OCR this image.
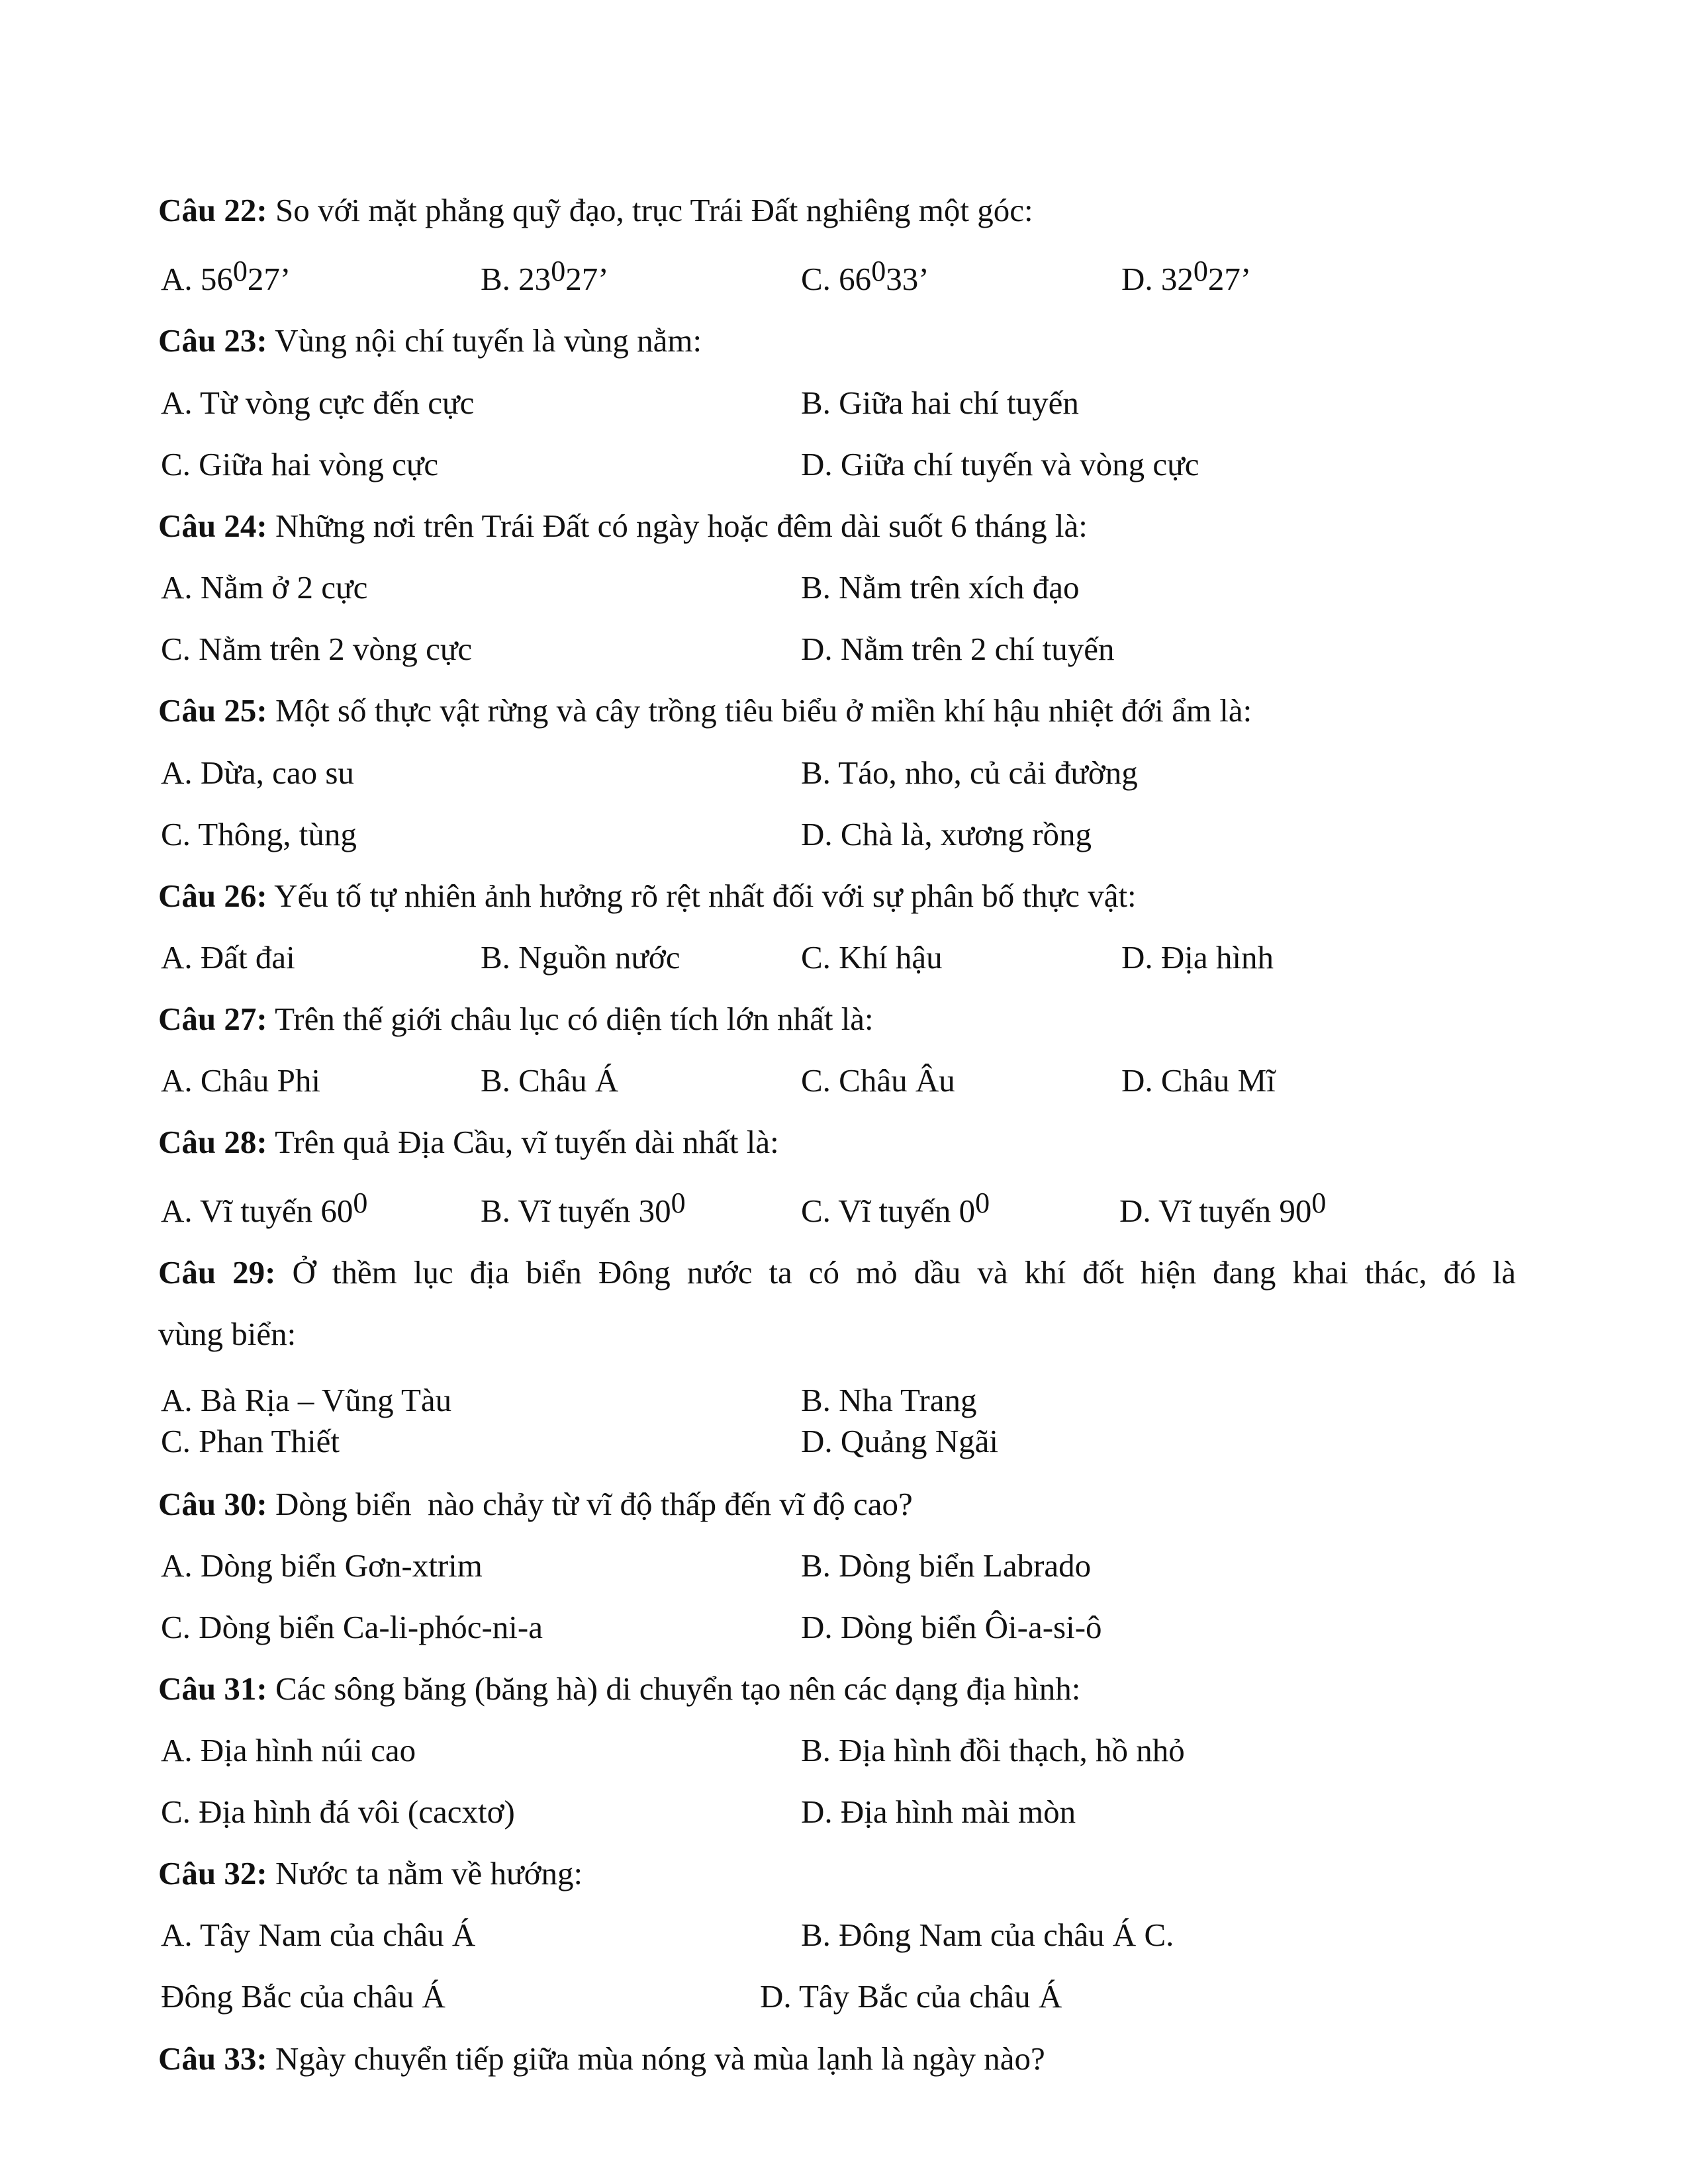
Câu 22: So với mặt phẳng quỹ đạo, trục Trái Đất nghiêng một góc:
A. 56027’	B. 23027’	C. 66033’	D. 32027’
Câu 23: Vùng nội chí tuyến là vùng nằm:
A. Từ vòng cực đến cực	B. Giữa hai chí tuyến
C. Giữa hai vòng cực	D. Giữa chí tuyến và vòng cực
Câu 24: Những nơi trên Trái Đất có ngày hoặc đêm dài suốt 6 tháng là:
A. Nằm ở 2 cực	B. Nằm trên xích đạo
C. Nằm trên 2 vòng cực	D. Nằm trên 2 chí tuyến
Câu 25: Một số thực vật rừng và cây trồng tiêu biểu ở miền khí hậu nhiệt đới ẩm là:
A. Dừa, cao su	B. Táo, nho, củ cải đường
C. Thông, tùng	D. Chà là, xương rồng
Câu 26: Yếu tố tự nhiên ảnh hưởng rõ rệt nhất đối với sự phân bố thực vật:
A. Đất đai	B. Nguồn nước	C. Khí hậu	D. Địa hình
Câu 27: Trên thế giới châu lục có diện tích lớn nhất là:
A. Châu Phi	B. Châu Á	C. Châu Âu	D. Châu Mĩ
Câu 28: Trên quả Địa Cầu, vĩ tuyến dài nhất là:
A. Vĩ tuyến 600	B. Vĩ tuyến 300	C. Vĩ tuyến 00	D. Vĩ tuyến 900
Câu 29: Ở thềm lục địa biển Đông nước ta có mỏ dầu và khí đốt hiện đang khai thác, đó là
vùng biển:
A. Bà Rịa – Vũng Tàu	B. Nha Trang
C. Phan Thiết	D. Quảng Ngãi
Câu 30: Dòng biển  nào chảy từ vĩ độ thấp đến vĩ độ cao?
A. Dòng biển Gơn-xtrim	B. Dòng biển Labrado
C. Dòng biển Ca-li-phóc-ni-a	D. Dòng biển Ôi-a-si-ô
Câu 31: Các sông băng (băng hà) di chuyển tạo nên các dạng địa hình:
A. Địa hình núi cao	B. Địa hình đồi thạch, hồ nhỏ
C. Địa hình đá vôi (cacxtơ)	D. Địa hình mài mòn
Câu 32: Nước ta nằm về hướng:
A. Tây Nam của châu Á	B. Đông Nam của châu Á C.
Đông Bắc của châu Á	D. Tây Bắc của châu Á
Câu 33: Ngày chuyển tiếp giữa mùa nóng và mùa lạnh là ngày nào?
